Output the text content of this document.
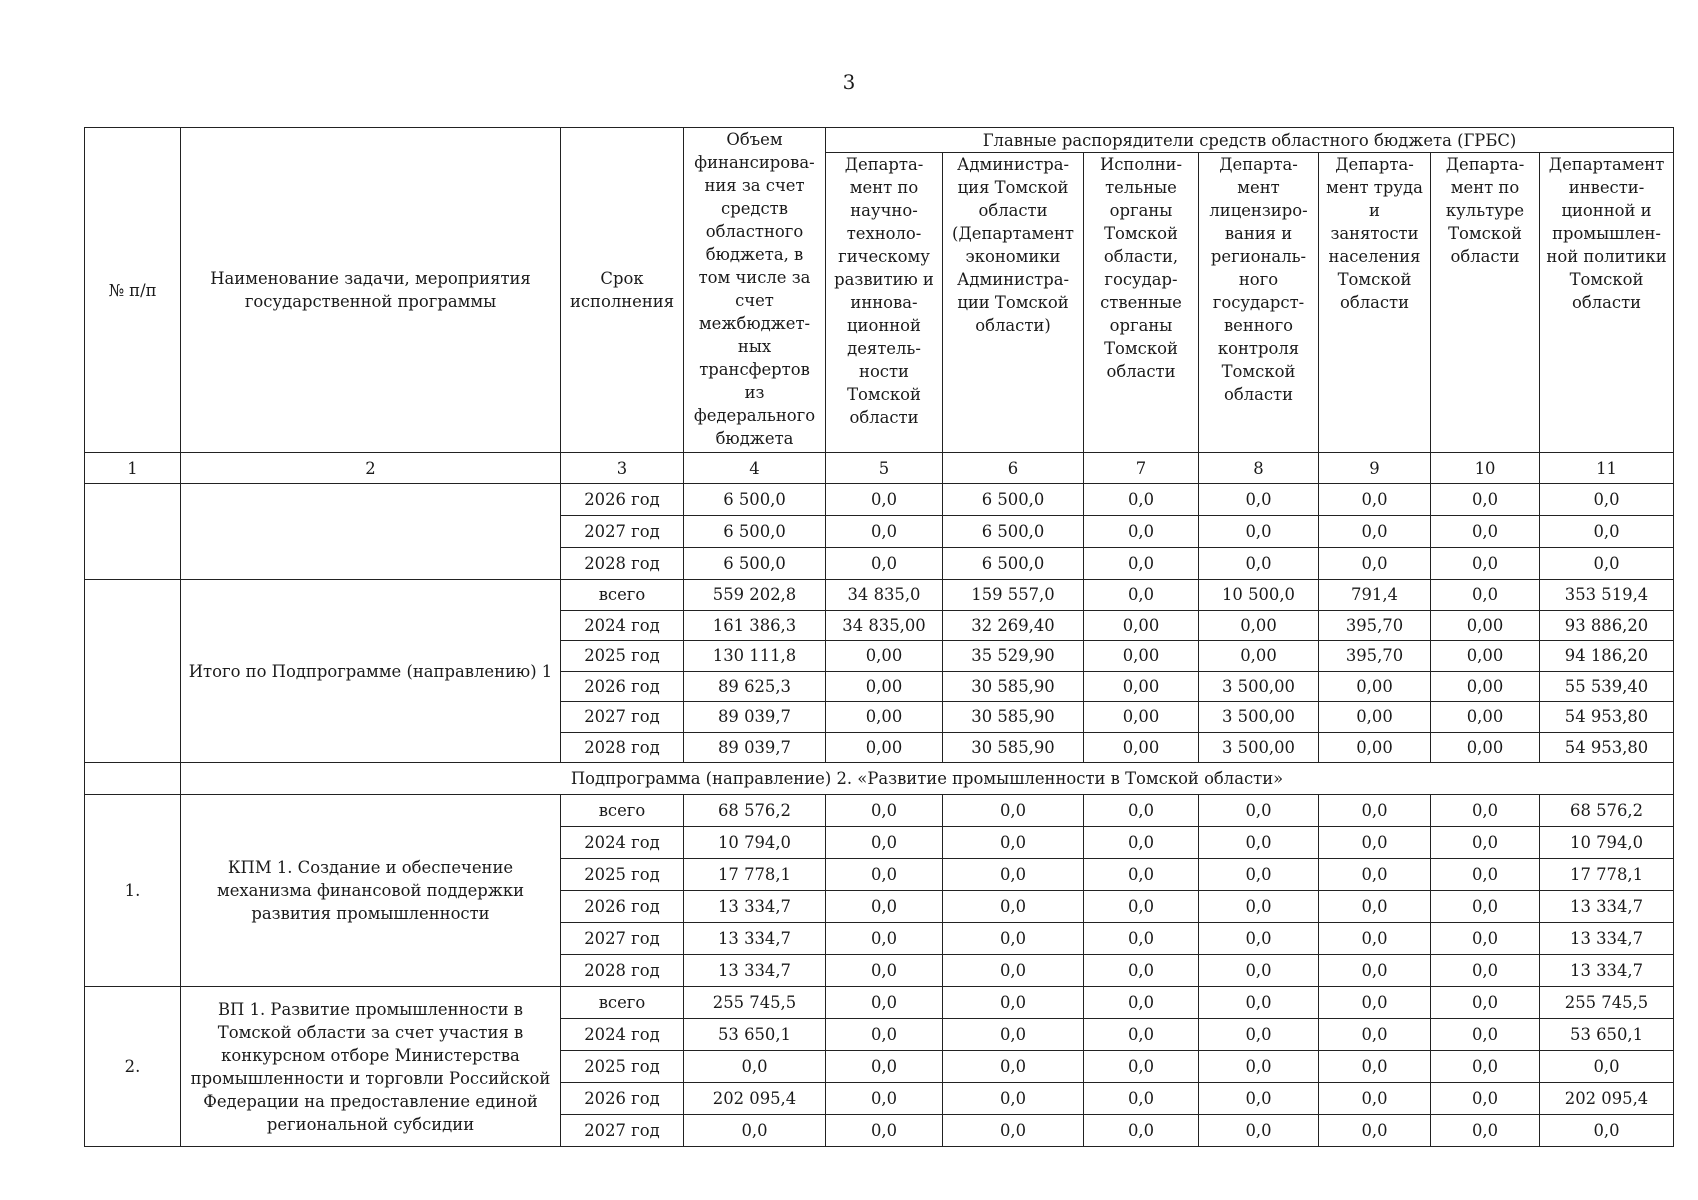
3
№ п/п	Наименование задачи, мероприятия государственной программы	Срок исполнения	Объем финансирова-ния за счет средств областного бюджета, в том числе за счет межбюджет-ных трансфертов из федерального бюджета	Главные распорядители средств областного бюджета (ГРБС)						
				Департа-мент по научно-техноло-гическому развитию и иннова-ционной деятель-ности Томской области	Администра-ция Томской области (Департамент экономики Администра-ции Томской области)	Исполни-тельные органы Томской области, государ-ственные органы Томской области	Департа-мент лицензиро-вания и региональ-ного государст-венного контроля Томской области	Департа-мент труда и занятости населения Томской области	Департа-мент по культуре Томской области	Департамент инвести-ционной и промышлен-ной политики Томской области
1	2	3	4	5	6	7	8	9	10	11
		2026 год	6 500,0	0,0	6 500,0	0,0	0,0	0,0	0,0	0,0
		2027 год	6 500,0	0,0	6 500,0	0,0	0,0	0,0	0,0	0,0
		2028 год	6 500,0	0,0	6 500,0	0,0	0,0	0,0	0,0	0,0
	Итого по Подпрограмме (направлению) 1	всего	559 202,8	34 835,0	159 557,0	0,0	10 500,0	791,4	0,0	353 519,4
		2024 год	161 386,3	34 835,00	32 269,40	0,00	0,00	395,70	0,00	93 886,20
		2025 год	130 111,8	0,00	35 529,90	0,00	0,00	395,70	0,00	94 186,20
		2026 год	89 625,3	0,00	30 585,90	0,00	3 500,00	0,00	0,00	55 539,40
		2027 год	89 039,7	0,00	30 585,90	0,00	3 500,00	0,00	0,00	54 953,80
		2028 год	89 039,7	0,00	30 585,90	0,00	3 500,00	0,00	0,00	54 953,80
	Подпрограмма (направление) 2. «Развитие промышленности в Томской области»									
1.	КПМ 1. Создание и обеспечение механизма финансовой поддержки развития промышленности	всего	68 576,2	0,0	0,0	0,0	0,0	0,0	0,0	68 576,2
		2024 год	10 794,0	0,0	0,0	0,0	0,0	0,0	0,0	10 794,0
		2025 год	17 778,1	0,0	0,0	0,0	0,0	0,0	0,0	17 778,1
		2026 год	13 334,7	0,0	0,0	0,0	0,0	0,0	0,0	13 334,7
		2027 год	13 334,7	0,0	0,0	0,0	0,0	0,0	0,0	13 334,7
		2028 год	13 334,7	0,0	0,0	0,0	0,0	0,0	0,0	13 334,7
2.	ВП 1. Развитие промышленности в Томской области за счет участия в конкурсном отборе Министерства промышленности и торговли Российской Федерации на предоставление единой региональной субсидии	всего	255 745,5	0,0	0,0	0,0	0,0	0,0	0,0	255 745,5
		2024 год	53 650,1	0,0	0,0	0,0	0,0	0,0	0,0	53 650,1
		2025 год	0,0	0,0	0,0	0,0	0,0	0,0	0,0	0,0
		2026 год	202 095,4	0,0	0,0	0,0	0,0	0,0	0,0	202 095,4
		2027 год	0,0	0,0	0,0	0,0	0,0	0,0	0,0	0,0
